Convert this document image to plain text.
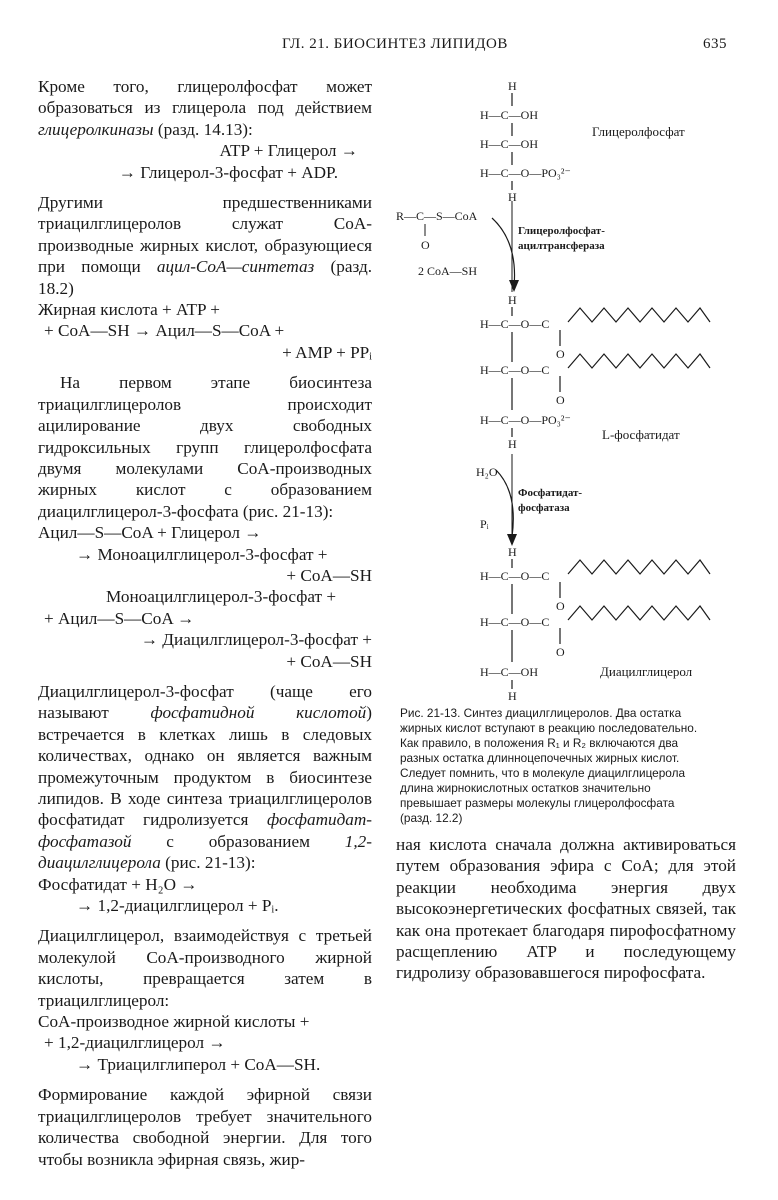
ГЛ. 21. БИОСИНТЕЗ ЛИПИДОВ	635

Кроме того, глицеролфосфат может образоваться из глицерола под действием глицеролкиназы (разд. 14.13):

ATP + Глицерол →

→ Глицерол-3-фосфат + ADP.

Другими предшественниками триацилглицеролов служат CoA-производные жирных кислот, образующиеся при помощи ацил-CoA—синтетаз (разд. 18.2)

Жирная кислота + ATP +

+ CoA—SH → Ацил—S—CoA +

+ AMP + PPᵢ

На первом этапе биосинтеза триацилглицеролов происходит ацилирование двух свободных гидроксильных групп глицеролфосфата двумя молекулами CoA-производных жирных кислот с образованием диацилглицерол-3-фосфата (рис. 21-13):

Ацил—S—CoA + Глицерол →

→ Моноацилглицерол-3-фосфат +

+ CoA—SH

Моноацилглицерол-3-фосфат +

+ Ацил—S—CoA →

→ Диацилглицерол-3-фосфат +

+ CoA—SH

Диацилглицерол-3-фосфат (чаще его называют фосфатидной кислотой) встречается в клетках лишь в следовых количествах, однако он является важным промежуточным продуктом в биосинтезе липидов. В ходе синтеза триацилглицеролов фосфатидат гидролизуется фосфатидат-фосфатазой с образованием 1,2-диацилглицерола (рис. 21-13):

Фосфатидат + H₂O →

→ 1,2-диацилглицерол + Pᵢ.

Диацилглицерол, взаимодействуя с третьей молекулой CoA-производного жирной кислоты, превращается затем в триацилглицерол:

CoA-производное жирной кислоты +

+ 1,2-диацилглицерол →

→ Триацилглиперол + CoA—SH.

Формирование каждой эфирной связи триацилглицеролов требует значительного количества свободной энергии. Для того чтобы возникла эфирная связь, жир-

H
H—C—OH
H—C—OH
H—C—O—PO₃²⁻
H
R—C—S—CoA
O
2 CoA—SH
Глицеролфосфат-
ацилтрансфераза
H
H—C—O—C
O
H—C—O—C
O
H—C—O—PO₃²⁻
H
H₂O
Pᵢ
Фосфатидат-
фосфатаза
H
H—C—O—C
O
H—C—O—C
O
H—C—OH
H
Глицеролфосфат
L-фосфатидат
Диацилглицерол
Рис. 21-13. Синтез диацилглицеролов. Два остатка жирных кислот вступают в реакцию последовательно. Как правило, в положения R₁ и R₂ включаются два разных остатка длинноцепочечных жирных кислот. Следует помнить, что в молекуле диацилглицерола длина жирнокислотных остатков значительно превышает размеры молекулы глицеролфосфата (разд. 12.2)
ная кислота сначала должна активироваться путем образования эфира с CoA; для этой реакции необходима энергия двух высокоэнергетических фосфатных связей, так как она протекает благодаря пирофосфатному расщеплению ATP и последующему гидролизу образовавшегося пирофосфата.
